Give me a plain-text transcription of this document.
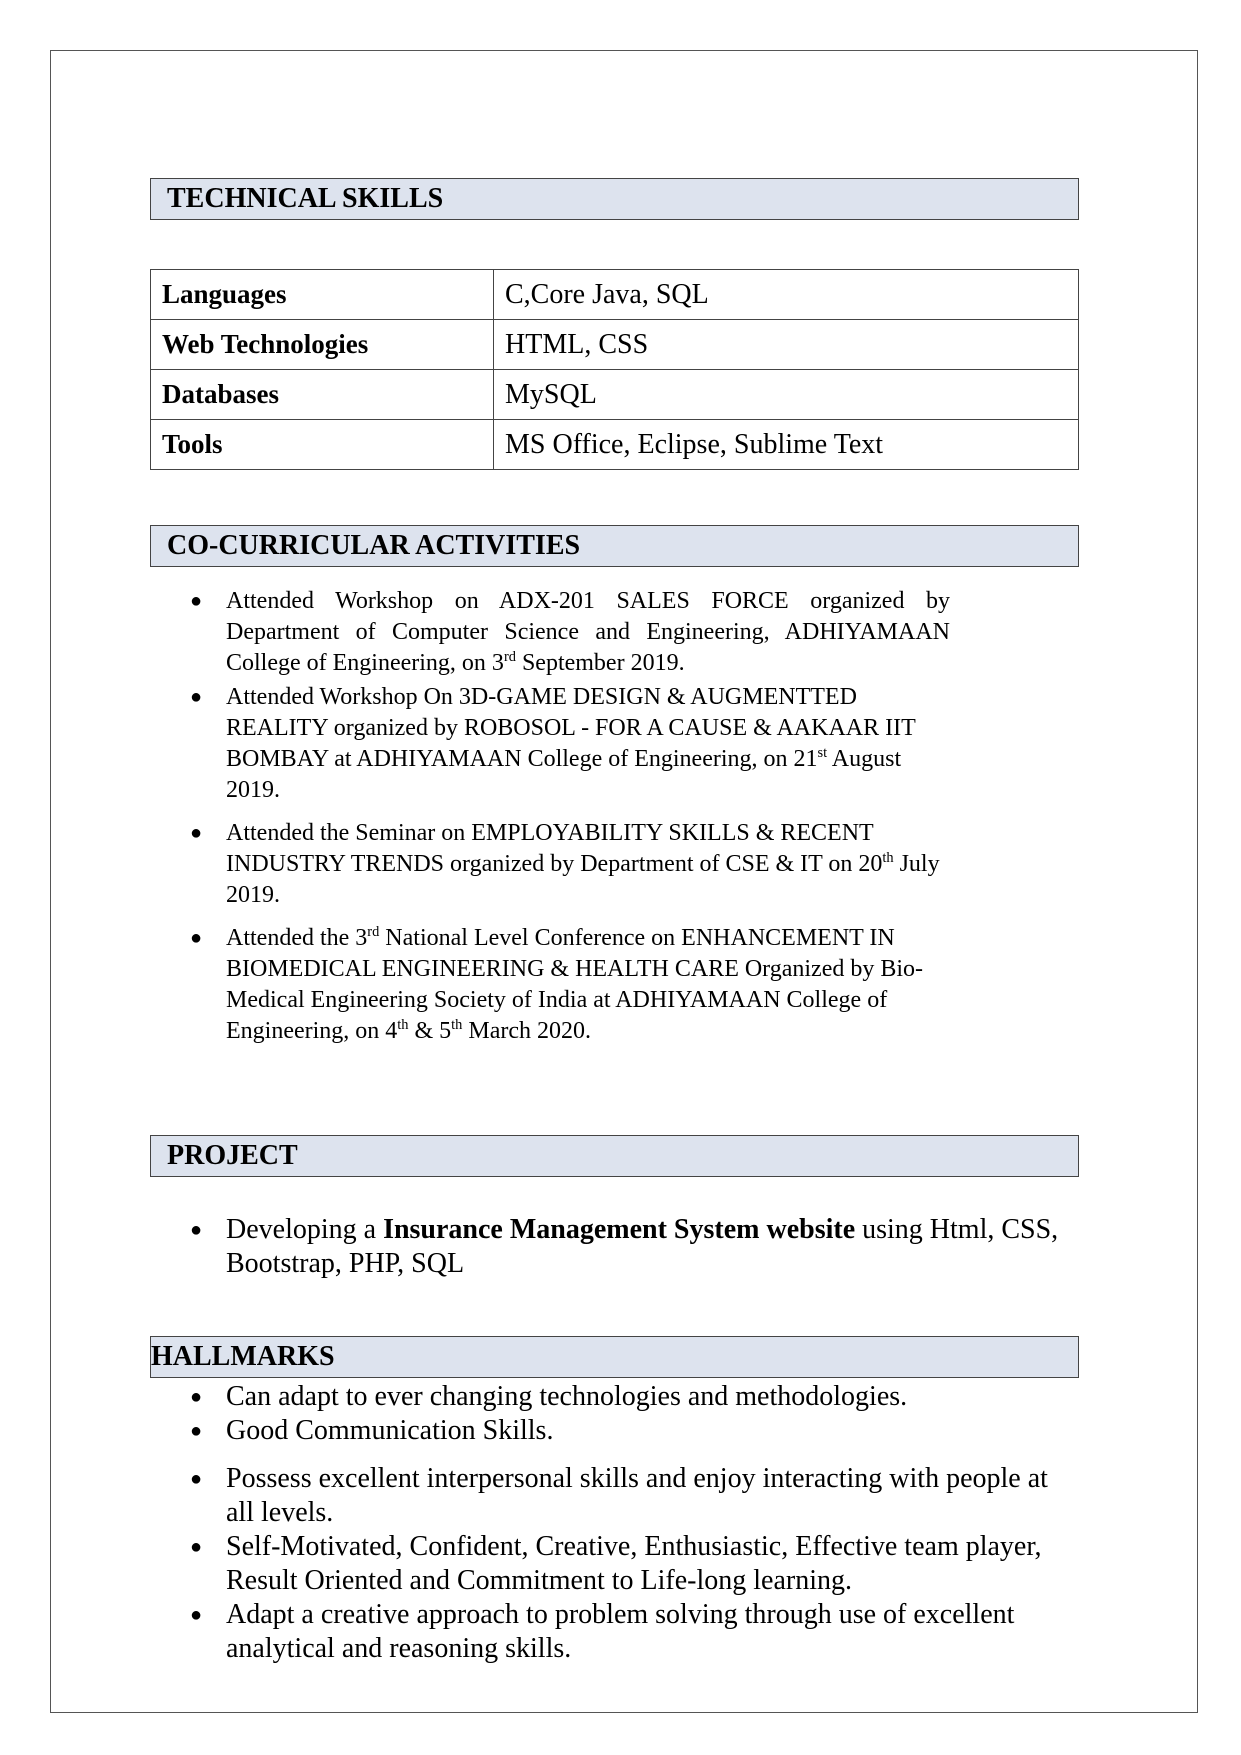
TECHNICAL SKILLS
Languages	C,Core Java, SQL
Web Technologies	HTML, CSS
Databases	MySQL
Tools	MS Office, Eclipse, Sublime Text
CO-CURRICULAR ACTIVITIES
● Attended Workshop on ADX-201 SALES FORCE organized by Department of Computer Science and Engineering, ADHIYAMAAN College of Engineering, on 3rd September 2019.
● Attended Workshop On 3D-GAME DESIGN & AUGMENTTED REALITY organized by ROBOSOL - FOR A CAUSE & AAKAAR IIT BOMBAY at ADHIYAMAAN College of Engineering, on 21st August 2019.
● Attended the Seminar on EMPLOYABILITY SKILLS & RECENT INDUSTRY TRENDS organized by Department of CSE & IT on 20th July 2019.
● Attended the 3rd National Level Conference on ENHANCEMENT IN BIOMEDICAL ENGINEERING & HEALTH CARE Organized by Bio-Medical Engineering Society of India at ADHIYAMAAN College of Engineering, on 4th & 5th March 2020.
PROJECT
● Developing a Insurance Management System website using Html, CSS, Bootstrap, PHP, SQL
HALLMARKS
● Can adapt to ever changing technologies and methodologies.
● Good Communication Skills.
● Possess excellent interpersonal skills and enjoy interacting with people at all levels.
● Self-Motivated, Confident, Creative, Enthusiastic, Effective team player, Result Oriented and Commitment to Life-long learning.
● Adapt a creative approach to problem solving through use of excellent analytical and reasoning skills.
